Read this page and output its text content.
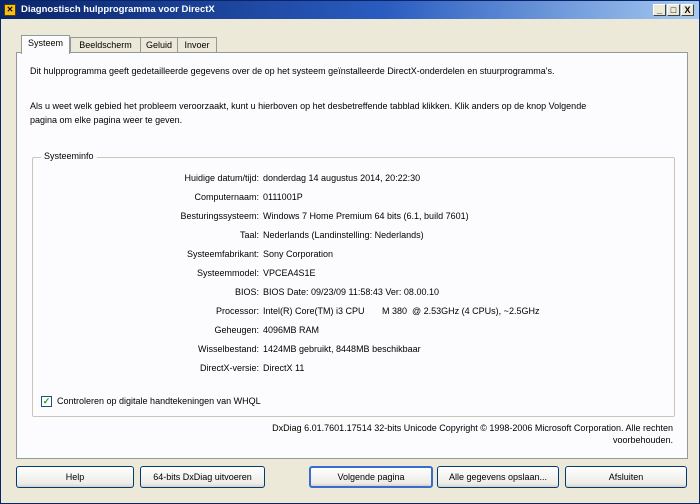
✕ Diagnostisch hulpprogramma voor DirectX	_ □ X
Systeem	Beeldscherm	Geluid	Invoer
Dit hulpprogramma geeft gedetailleerde gegevens over de op het systeem geïnstalleerde DirectX-onderdelen en stuurprogramma's.
Als u weet welk gebied het probleem veroorzaakt, kunt u hierboven op het desbetreffende tabblad klikken. Klik anders op de knop Volgende
pagina om elke pagina weer te geven.
Systeeminfo
Huidige datum/tijd: donderdag 14 augustus 2014, 20:22:30
Computernaam: 0111001P
Besturingssysteem: Windows 7 Home Premium 64 bits (6.1, build 7601)
Taal: Nederlands (Landinstelling: Nederlands)
Systeemfabrikant: Sony Corporation
Systeemmodel: VPCEA4S1E
BIOS: BIOS Date: 09/23/09 11:58:43 Ver: 08.00.10
Processor: Intel(R) Core(TM) i3 CPU       M 380  @ 2.53GHz (4 CPUs), ~2.5GHz
Geheugen: 4096MB RAM
Wisselbestand: 1424MB gebruikt, 8448MB beschikbaar
DirectX-versie: DirectX 11
✓ Controleren op digitale handtekeningen van WHQL
DxDiag 6.01.7601.17514 32-bits Unicode Copyright © 1998-2006 Microsoft Corporation. Alle rechten
voorbehouden.
Help	64-bits DxDiag uitvoeren	Volgende pagina	Alle gegevens opslaan...	Afsluiten
